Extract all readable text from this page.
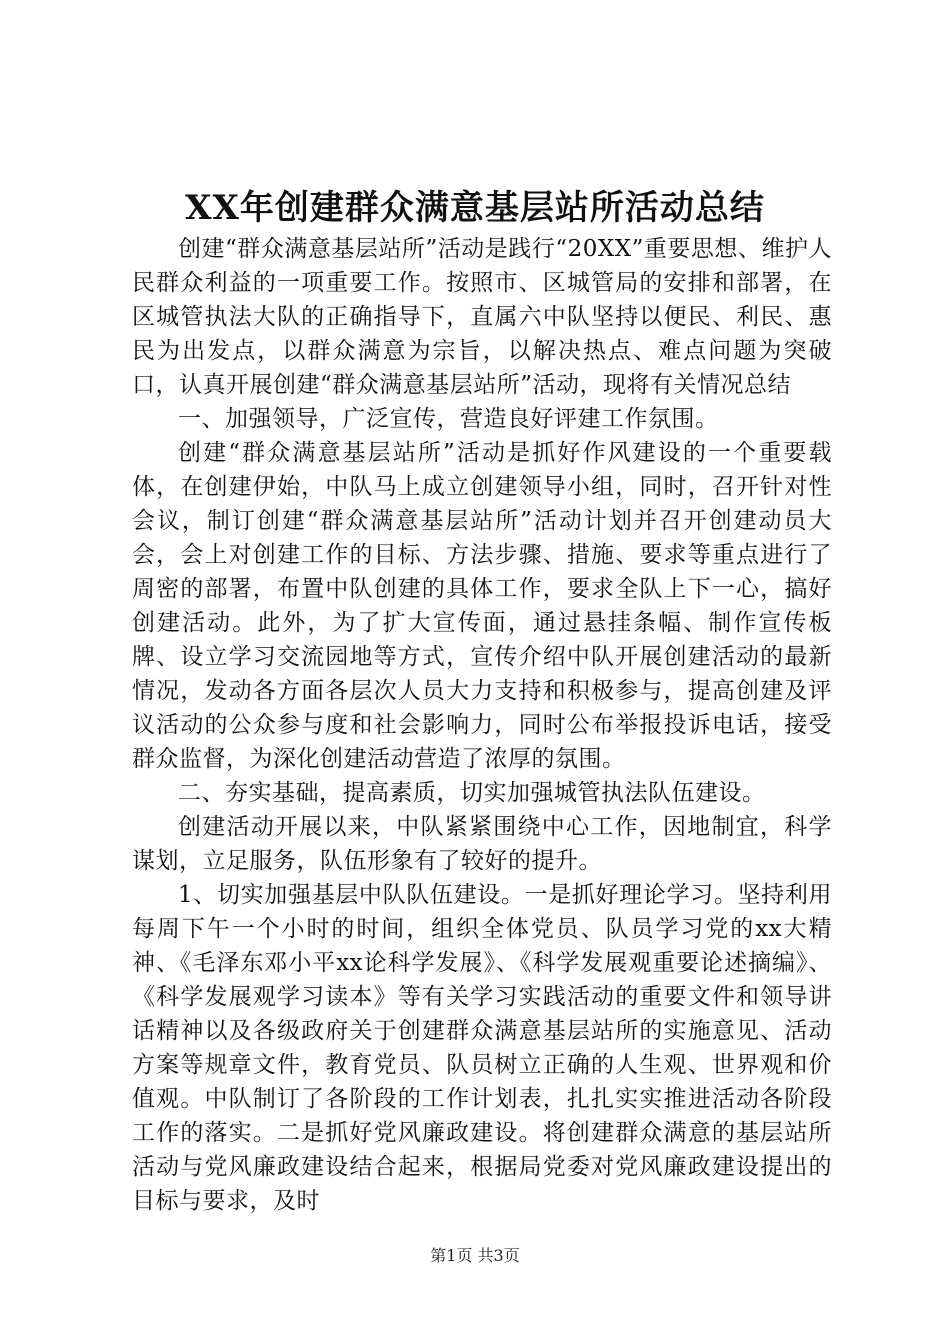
XX年创建群众满意基层站所活动总结

创建“群众满意基层站所”活动是践行“20XX”重要思想、维护人民群众利益的一项重要工作。按照市、区城管局的安排和部署，在区城管执法大队的正确指导下，直属六中队坚持以便民、利民、惠民为出发点，以群众满意为宗旨，以解决热点、难点问题为突破口，认真开展创建“群众满意基层站所”活动，现将有关情况总结

一、加强领导，广泛宣传，营造良好评建工作氛围。

创建“群众满意基层站所”活动是抓好作风建设的一个重要载体，在创建伊始，中队马上成立创建领导小组，同时，召开针对性会议，制订创建“群众满意基层站所”活动计划并召开创建动员大会，会上对创建工作的目标、方法步骤、措施、要求等重点进行了周密的部署，布置中队创建的具体工作，要求全队上下一心，搞好创建活动。此外，为了扩大宣传面，通过悬挂条幅、制作宣传板牌、设立学习交流园地等方式，宣传介绍中队开展创建活动的最新情况，发动各方面各层次人员大力支持和积极参与，提高创建及评议活动的公众参与度和社会影响力，同时公布举报投诉电话，接受群众监督，为深化创建活动营造了浓厚的氛围。

二、夯实基础，提高素质，切实加强城管执法队伍建设。

创建活动开展以来，中队紧紧围绕中心工作，因地制宜，科学谋划，立足服务，队伍形象有了较好的提升。

1、切实加强基层中队队伍建设。一是抓好理论学习。坚持利用每周下午一个小时的时间，组织全体党员、队员学习党的xx大精神、《毛泽东邓小平xx论科学发展》、《科学发展观重要论述摘编》、《科学发展观学习读本》等有关学习实践活动的重要文件和领导讲话精神以及各级政府关于创建群众满意基层站所的实施意见、活动方案等规章文件，教育党员、队员树立正确的人生观、世界观和价值观。中队制订了各阶段的工作计划表，扎扎实实推进活动各阶段工作的落实。二是抓好党风廉政建设。将创建群众满意的基层站所活动与党风廉政建设结合起来，根据局党委对党风廉政建设提出的目标与要求，及时

第1页 共3页
